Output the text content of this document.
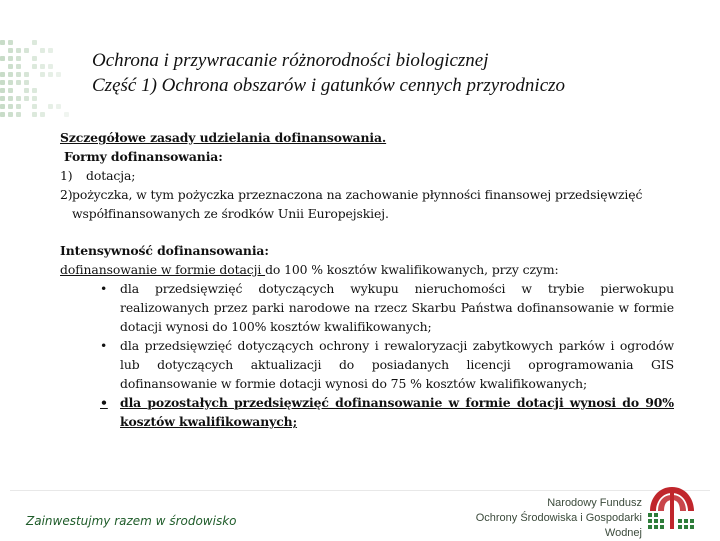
Ochrona i przywracanie różnorodności biologicznej
Część 1) Ochrona obszarów i gatunków cennych przyrodniczo
Szczegółowe zasady udzielania dofinansowania.
Formy dofinansowania:
1)	dotacja;
2) pożyczka, w tym pożyczka przeznaczona na zachowanie płynności finansowej przedsięwzięć współfinansowanych ze środków Unii Europejskiej.
Intensywność dofinansowania:
dofinansowanie w formie dotacji do 100 % kosztów kwalifikowanych, przy czym:
•	dla przedsięwzięć dotyczących wykupu nieruchomości w trybie pierwokupu realizowanych przez parki narodowe na rzecz Skarbu Państwa dofinansowanie w formie dotacji wynosi do 100% kosztów kwalifikowanych;
•	dla przedsięwzięć dotyczących ochrony i rewaloryzacji zabytkowych parków i ogrodów lub dotyczących aktualizacji do posiadanych licencji oprogramowania GIS dofinansowanie w formie dotacji wynosi do 75 % kosztów kwalifikowanych;
• dla pozostałych przedsięwzięć dofinansowanie w formie dotacji wynosi do 90% kosztów kwalifikowanych;
Zainwestujmy razem w środowisko
Narodowy Fundusz
Ochrony Środowiska i Gospodarki Wodnej
